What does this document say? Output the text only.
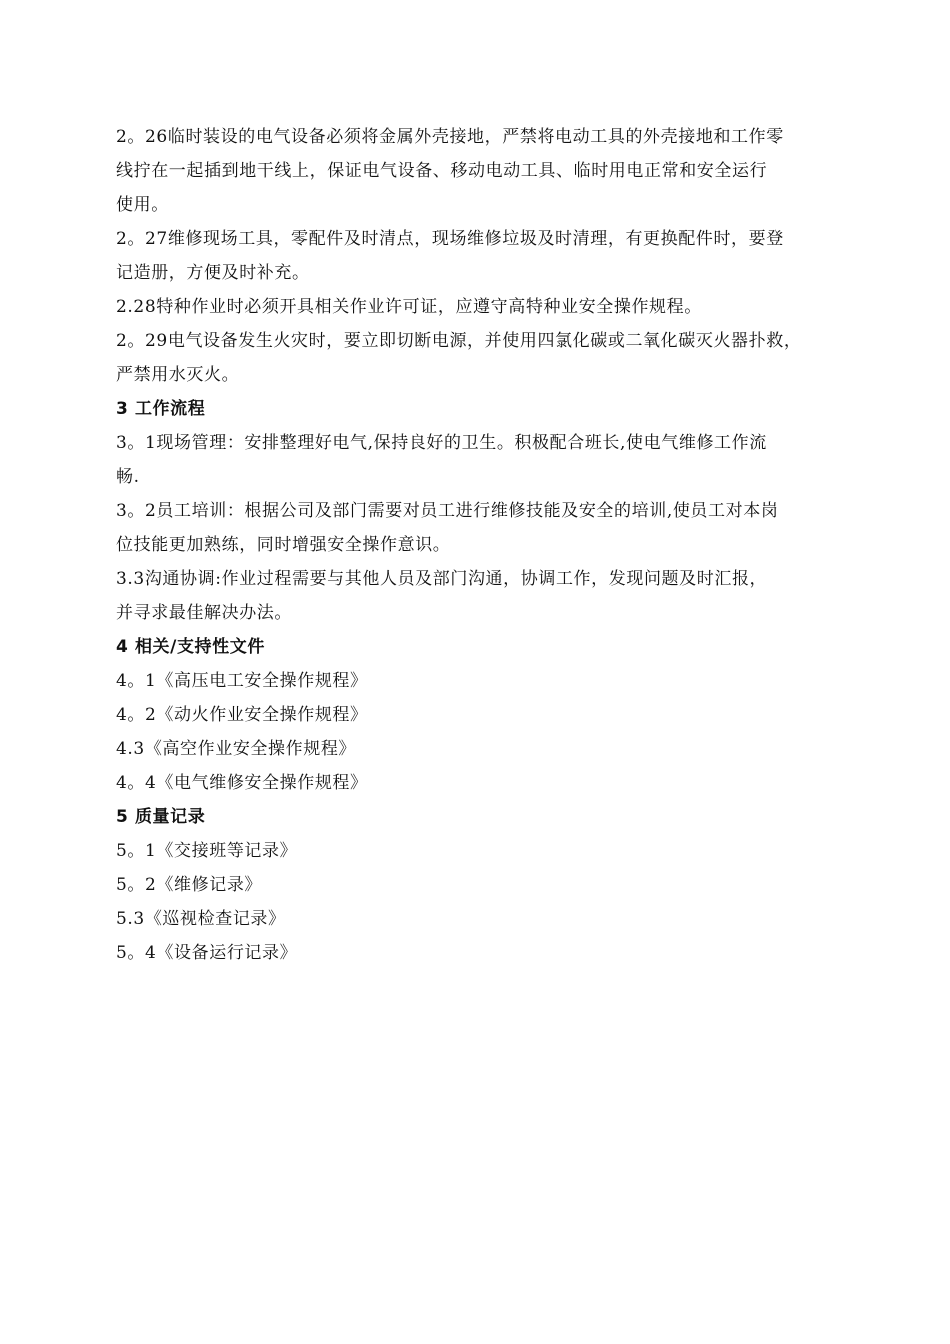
2。26临时装设的电气设备必须将金属外壳接地，严禁将电动工具的外壳接地和工作零
线拧在一起插到地干线上，保证电气设备、移动电动工具、临时用电正常和安全运行
使用。
2。27维修现场工具，零配件及时清点，现场维修垃圾及时清理，有更换配件时，要登
记造册，方便及时补充。
2.28特种作业时必须开具相关作业许可证，应遵守高特种业安全操作规程。
2。29电气设备发生火灾时，要立即切断电源，并使用四氯化碳或二氧化碳灭火器扑救，
严禁用水灭火。
3 工作流程
3。1现场管理：安排整理好电气,保持良好的卫生。积极配合班长,使电气维修工作流
畅.
3。2员工培训：根据公司及部门需要对员工进行维修技能及安全的培训,使员工对本岗
位技能更加熟练，同时增强安全操作意识。
3.3沟通协调:作业过程需要与其他人员及部门沟通，协调工作，发现问题及时汇报，
并寻求最佳解决办法。
4 相关/支持性文件
4。1《高压电工安全操作规程》
4。2《动火作业安全操作规程》
4.3《高空作业安全操作规程》
4。4《电气维修安全操作规程》
5 质量记录
5。1《交接班等记录》
5。2《维修记录》
5.3《巡视检查记录》
5。4《设备运行记录》
